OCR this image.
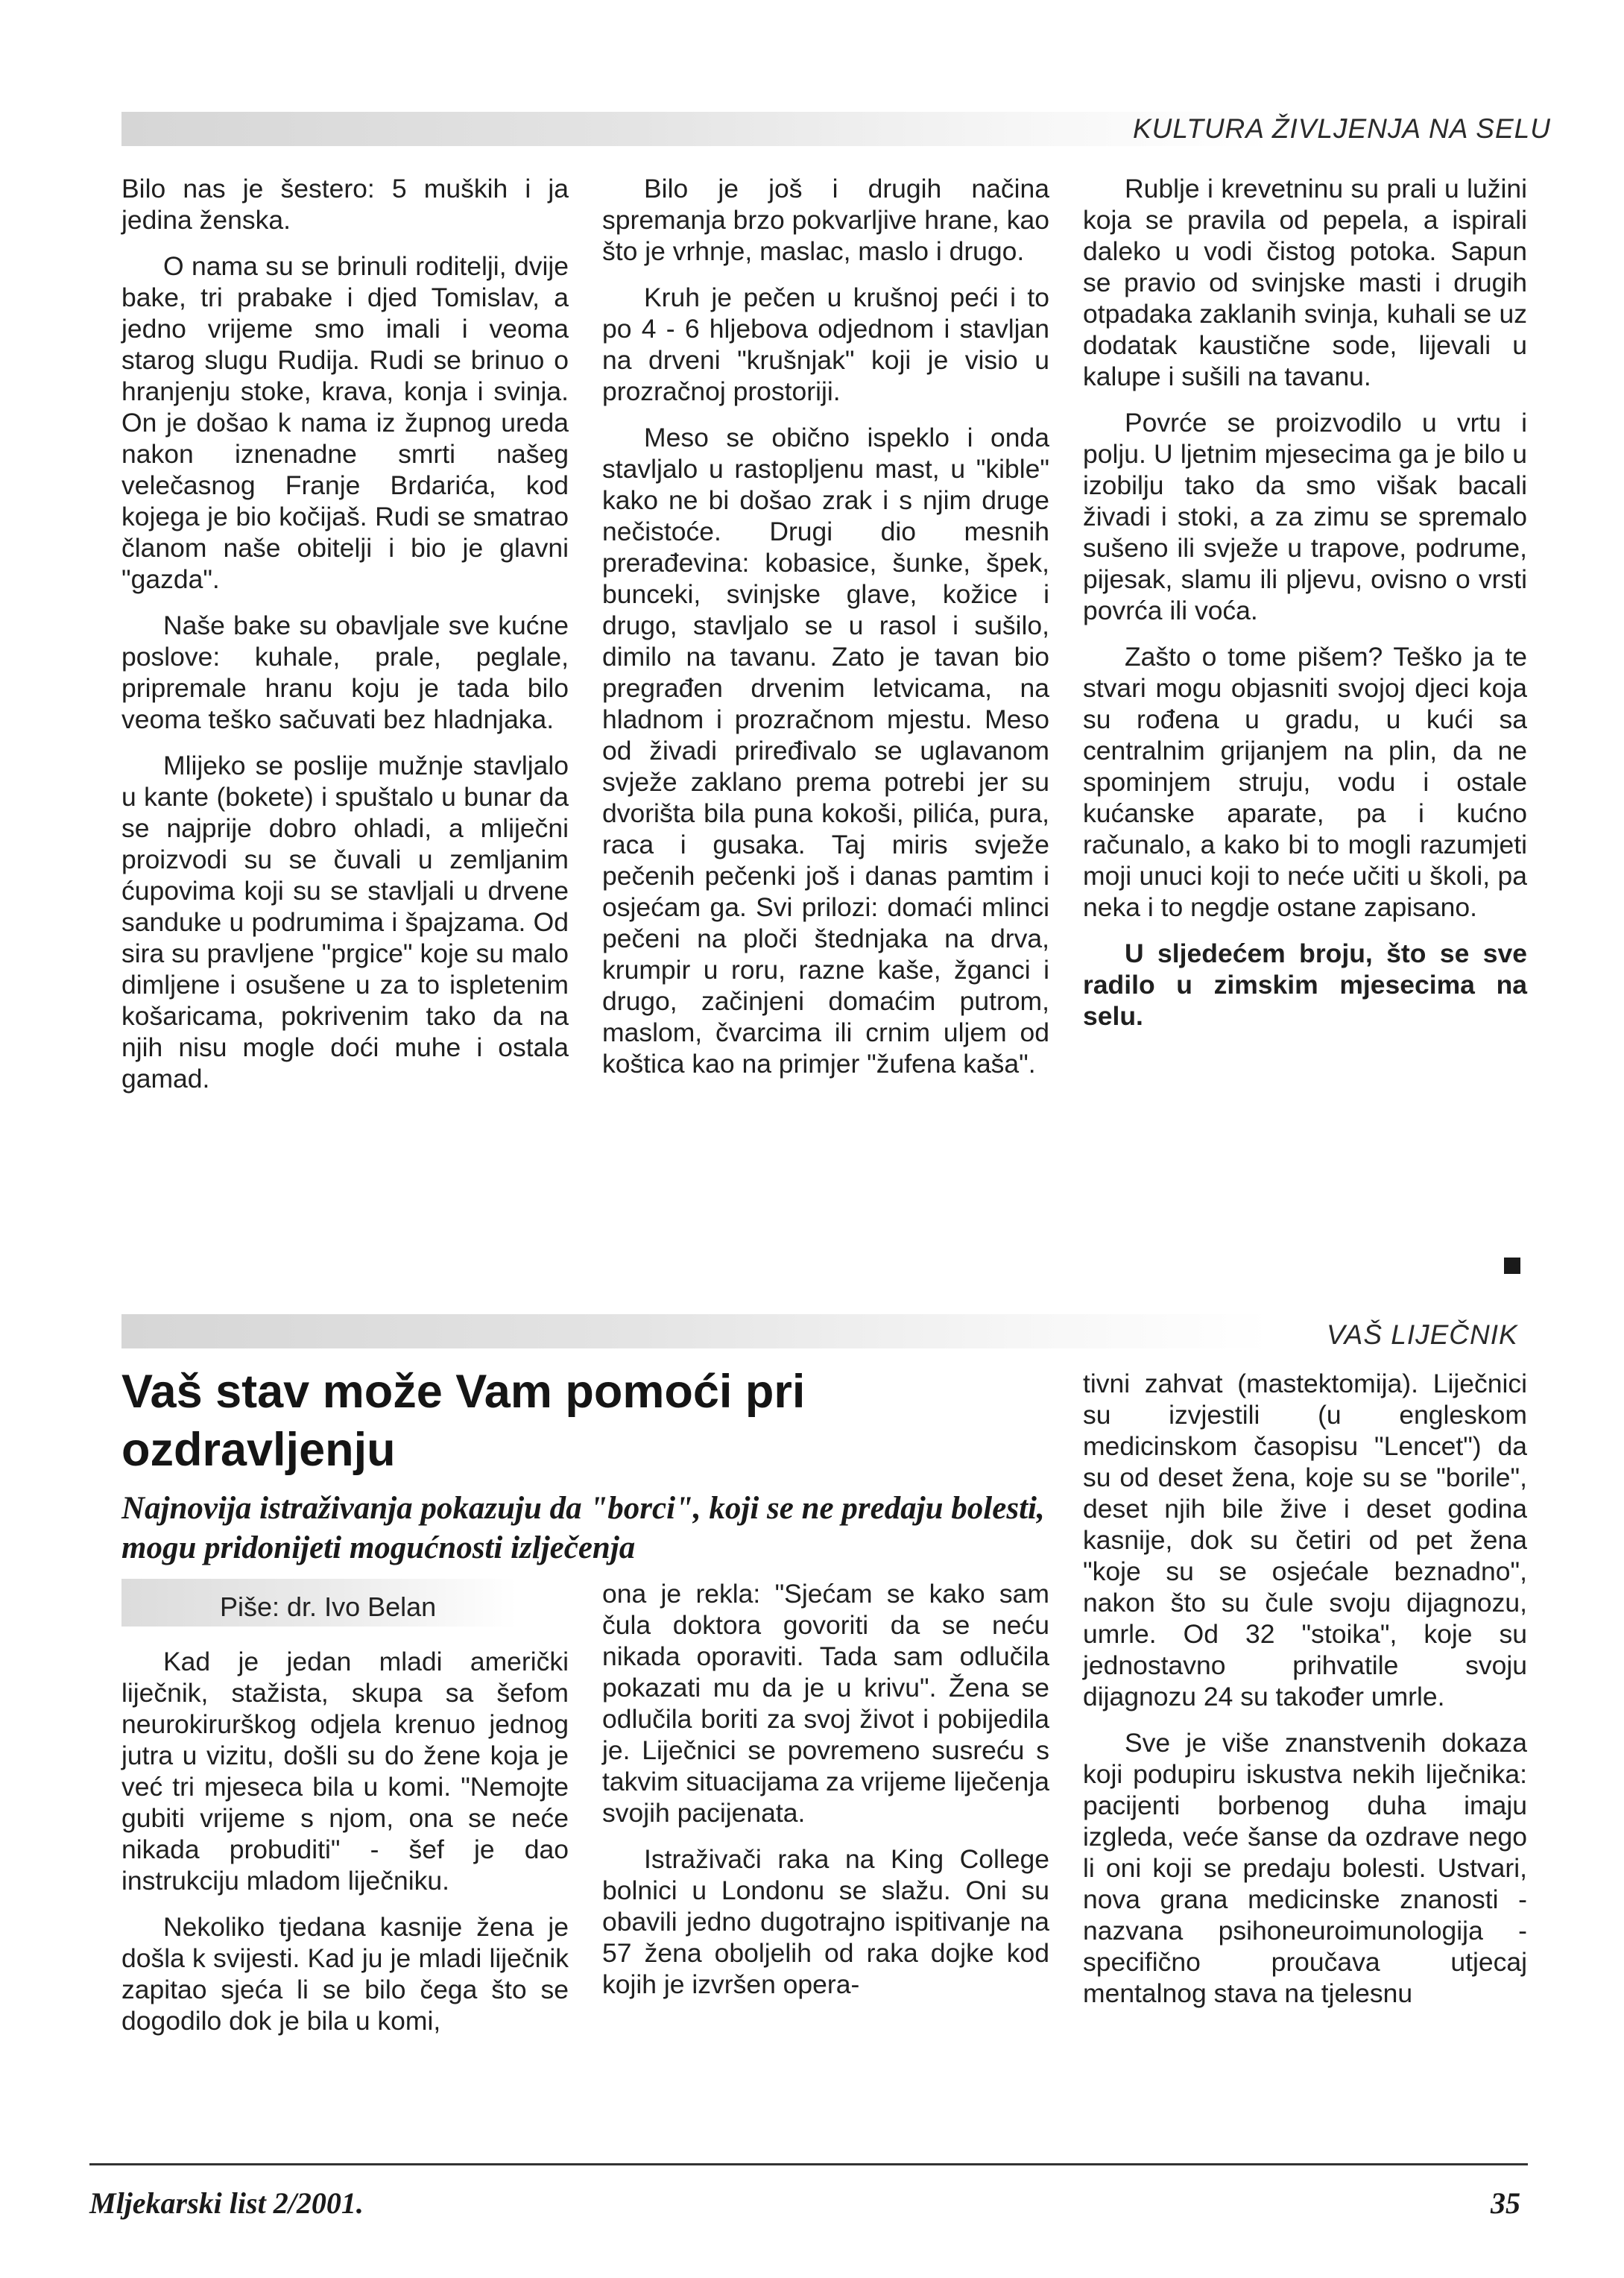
KULTURA ŽIVLJENJA NA SELU

Bilo nas je šestero: 5 muških i ja jedina ženska.

O nama su se brinuli roditelji, dvije bake, tri prabake i djed Tomislav, a jedno vrijeme smo imali i veoma starog slugu Rudija. Rudi se brinuo o hranjenju stoke, krava, konja i svinja. On je došao k nama iz župnog ureda nakon iznenadne smrti našeg velečasnog Franje Brdarića, kod kojega je bio kočijaš. Rudi se smatrao članom naše obitelji i bio je glavni "gazda".

Naše bake su obavljale sve kućne poslove: kuhale, prale, peglale, pripremale hranu koju je tada bilo veoma teško sačuvati bez hladnjaka.

Mlijeko se poslije mužnje stavljalo u kante (bokete) i spuštalo u bunar da se najprije dobro ohladi, a mliječni proizvodi su se čuvali u zemljanim ćupovima koji su se stavljali u drvene sanduke u podrumima i špajzama. Od sira su pravljene "prgice" koje su malo dimljene i osušene u za to ispletenim košaricama, pokrivenim tako da na njih nisu mogle doći muhe i ostala gamad.

Bilo je još i drugih načina spremanja brzo pokvarljive hrane, kao što je vrhnje, maslac, maslo i drugo.

Kruh je pečen u krušnoj peći i to po 4 - 6 hljebova odjednom i stavljan na drveni "krušnjak" koji je visio u prozračnoj prostoriji.

Meso se obično ispeklo i onda stavljalo u rastopljenu mast, u "kible" kako ne bi došao zrak i s njim druge nečistoće. Drugi dio mesnih prerađevina: kobasice, šunke, špek, bunceki, svinjske glave, kožice i drugo, stavljalo se u rasol i sušilo, dimilo na tavanu. Zato je tavan bio pregrađen drvenim letvicama, na hladnom i prozračnom mjestu. Meso od živadi priređivalo se uglavanom svježe zaklano prema potrebi jer su dvorišta bila puna kokoši, pilića, pura, raca i gusaka. Taj miris svježe pečenih pečenki još i danas pamtim i osjećam ga. Svi prilozi: domaći mlinci pečeni na ploči štednjaka na drva, krumpir u roru, razne kaše, žganci i drugo, začinjeni domaćim putrom, maslom, čvarcima ili crnim uljem od koštica kao na primjer "žufena kaša".

Rublje i krevetninu su prali u lužini koja se pravila od pepela, a ispirali daleko u vodi čistog potoka. Sapun se pravio od svinjske masti i drugih otpadaka zaklanih svinja, kuhali se uz dodatak kaustične sode, lijevali u kalupe i sušili na tavanu.

Povrće se proizvodilo u vrtu i polju. U ljetnim mjesecima ga je bilo u izobilju tako da smo višak bacali živadi i stoki, a za zimu se spremalo sušeno ili svježe u trapove, podrume, pijesak, slamu ili pljevu, ovisno o vrsti povrća ili voća.

Zašto o tome pišem? Teško ja te stvari mogu objasniti svojoj djeci koja su rođena u gradu, u kući sa centralnim grijanjem na plin, da ne spominjem struju, vodu i ostale kućanske aparate, pa i kućno računalo, a kako bi to mogli razumjeti moji unuci koji to neće učiti u školi, pa neka i to negdje ostane zapisano.

U sljedećem broju, što se sve radilo u zimskim mjesecima na selu.

VAŠ LIJEČNIK
Vaš stav može Vam pomoći pri ozdravljenju
Najnovija istraživanja pokazuju da "borci", koji se ne predaju bolesti, mogu pridonijeti mogućnosti izlječenja
Piše: dr. Ivo Belan

Kad je jedan mladi američki liječnik, stažista, skupa sa šefom neurokirurškog odjela krenuo jednog jutra u vizitu, došli su do žene koja je već tri mjeseca bila u komi. "Nemojte gubiti vrijeme s njom, ona se neće nikada probuditi" - šef je dao instrukciju mladom liječniku.

Nekoliko tjedana kasnije žena je došla k svijesti. Kad ju je mladi liječnik zapitao sjeća li se bilo čega što se dogodilo dok je bila u komi,

ona je rekla: "Sjećam se kako sam čula doktora govoriti da se neću nikada oporaviti. Tada sam odlučila pokazati mu da je u krivu". Žena se odlučila boriti za svoj život i pobijedila je. Liječnici se povremeno susreću s takvim situacijama za vrijeme liječenja svojih pacijenata.

Istraživači raka na King College bolnici u Londonu se slažu. Oni su obavili jedno dugotrajno ispitivanje na 57 žena oboljelih od raka dojke kod kojih je izvršen opera-

tivni zahvat (mastektomija). Liječnici su izvjestili (u engleskom medicinskom časopisu "Lencet") da su od deset žena, koje su se "borile", deset njih bile žive i deset godina kasnije, dok su četiri od pet žena "koje su se osjećale beznadno", nakon što su čule svoju dijagnozu, umrle. Od 32 "stoika", koje su jednostavno prihvatile svoju dijagnozu 24 su također umrle.

Sve je više znanstvenih dokaza koji podupiru iskustva nekih liječnika: pacijenti borbenog duha imaju izgleda, veće šanse da ozdrave nego li oni koji se predaju bolesti. Ustvari, nova grana medicinske znanosti - nazvana psihoneuroimunologija - specifično proučava utjecaj mentalnog stava na tjelesnu

Mljekarski list 2/2001.	35
